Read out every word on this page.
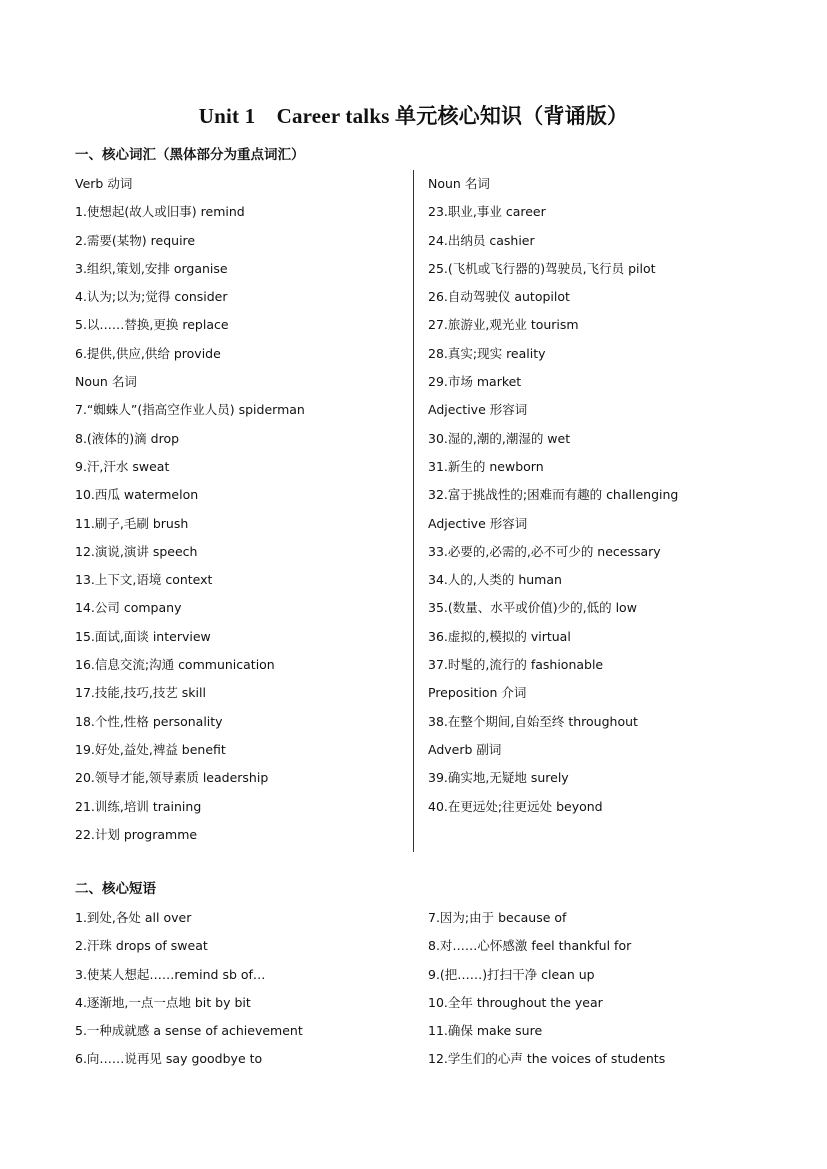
Unit 1　Career talks 单元核心知识（背诵版）
一、核心词汇（黑体部分为重点词汇）
Verb 动词
1.使想起(故人或旧事) remind
2.需要(某物) require
3.组织,策划,安排 organise
4.认为;以为;觉得 consider
5.以……替换,更换 replace
6.提供,供应,供给 provide
Noun 名词
7.“蜘蛛人”(指高空作业人员) spiderman
8.(液体的)滴 drop
9.汗,汗水 sweat
10.西瓜 watermelon
11.刷子,毛刷 brush
12.演说,演讲 speech
13.上下文,语境 context
14.公司 company
15.面试,面谈 interview
16.信息交流;沟通 communication
17.技能,技巧,技艺 skill
18.个性,性格 personality
19.好处,益处,裨益 benefit
20.领导才能,领导素质 leadership
21.训练,培训 training
22.计划 programme
Noun 名词
23.职业,事业 career
24.出纳员 cashier
25.(飞机或飞行器的)驾驶员,飞行员 pilot
26.自动驾驶仪 autopilot
27.旅游业,观光业 tourism
28.真实;现实 reality
29.市场 market
Adjective 形容词
30.湿的,潮的,潮湿的 wet
31.新生的 newborn
32.富于挑战性的;困难而有趣的 challenging
Adjective 形容词
33.必要的,必需的,必不可少的 necessary
34.人的,人类的 human
35.(数量、水平或价值)少的,低的 low
36.虚拟的,模拟的 virtual
37.时髦的,流行的 fashionable
Preposition 介词
38.在整个期间,自始至终 throughout
Adverb 副词
39.确实地,无疑地 surely
40.在更远处;往更远处 beyond
二、核心短语
1.到处,各处 all over
2.汗珠 drops of sweat
3.使某人想起……remind sb of…
4.逐渐地,一点一点地 bit by bit
5.一种成就感 a sense of achievement
6.向……说再见 say goodbye to
7.因为;由于 because of
8.对……心怀感激 feel thankful for
9.(把……)打扫干净 clean up
10.全年 throughout the year
11.确保 make sure
12.学生们的心声 the voices of students
